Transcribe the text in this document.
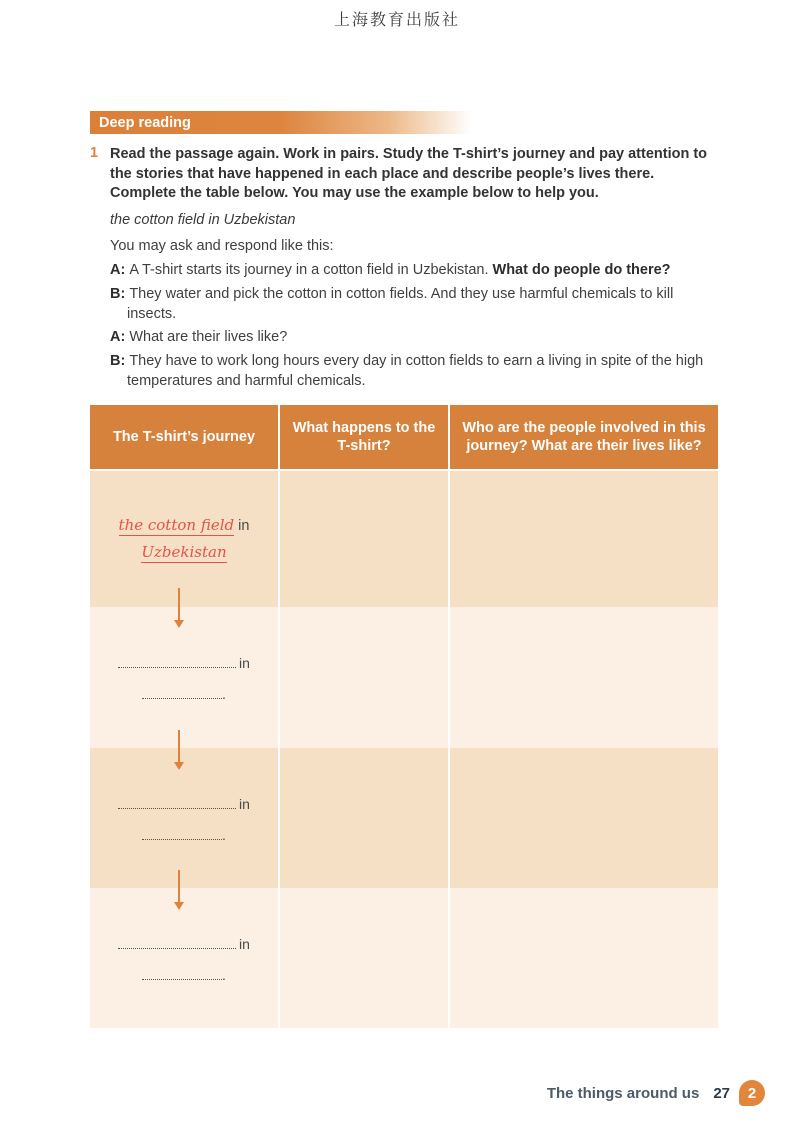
上海教育出版社
Deep reading
1 Read the passage again. Work in pairs. Study the T-shirt’s journey and pay attention to the stories that have happened in each place and describe people’s lives there. Complete the table below. You may use the example below to help you.
the cotton field in Uzbekistan
You may ask and respond like this:

A: A T-shirt starts its journey in a cotton field in Uzbekistan. What do people do there?

B: They water and pick the cotton in cotton fields. And they use harmful chemicals to kill insects.

A: What are their lives like?

B: They have to work long hours every day in cotton fields to earn a living in spite of the high temperatures and harmful chemicals.

The T-shirt’s journey
What happens to the T-shirt?
Who are the people involved in this journey? What are their lives like?
the cotton field in
Uzbekistan
in
.
in
.
in
.
The things around us 27	2
